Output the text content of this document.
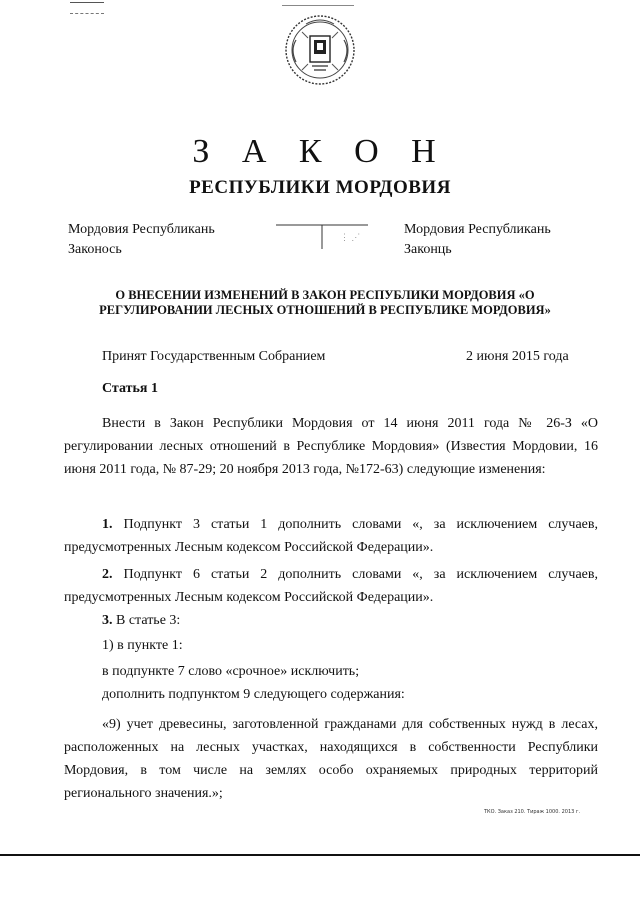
З А К О Н
РЕСПУБЛИКИ МОРДОВИЯ
Мордовия Республикань
Законось
⋮ ⋰	Мордовия Республикань
Законць
О ВНЕСЕНИИ ИЗМЕНЕНИЙ В ЗАКОН РЕСПУБЛИКИ МОРДОВИЯ «О
РЕГУЛИРОВАНИИ ЛЕСНЫХ ОТНОШЕНИЙ В РЕСПУБЛИКЕ МОРДОВИЯ»
Принят Государственным Собранием	2 июня 2015 года
Статья 1
Внести в Закон Республики Мордовия от 14 июня 2011 года № 26-З «О регулировании лесных отношений в Республике Мордовия» (Известия Мордовии, 16 июня 2011 года, № 87-29; 20 ноября 2013 года, №172-63) следующие изменения:
1. Подпункт 3 статьи 1 дополнить словами «, за исключением случаев, предусмотренных Лесным кодексом Российской Федерации».
2. Подпункт 6 статьи 2 дополнить словами «, за исключением случаев, предусмотренных Лесным кодексом Российской Федерации».
3. В статье 3:
1) в пункте 1:
в подпункте 7 слово «срочное» исключить;
дополнить подпунктом 9 следующего содержания:
«9) учет древесины, заготовленной гражданами для собственных нужд в лесах, расположенных на лесных участках, находящихся в собственности Республики Мордовия, в том числе на землях особо охраняемых природных территорий регионального значения.»;
ТКО. Заказ 210. Тираж 1000. 2013 г.
